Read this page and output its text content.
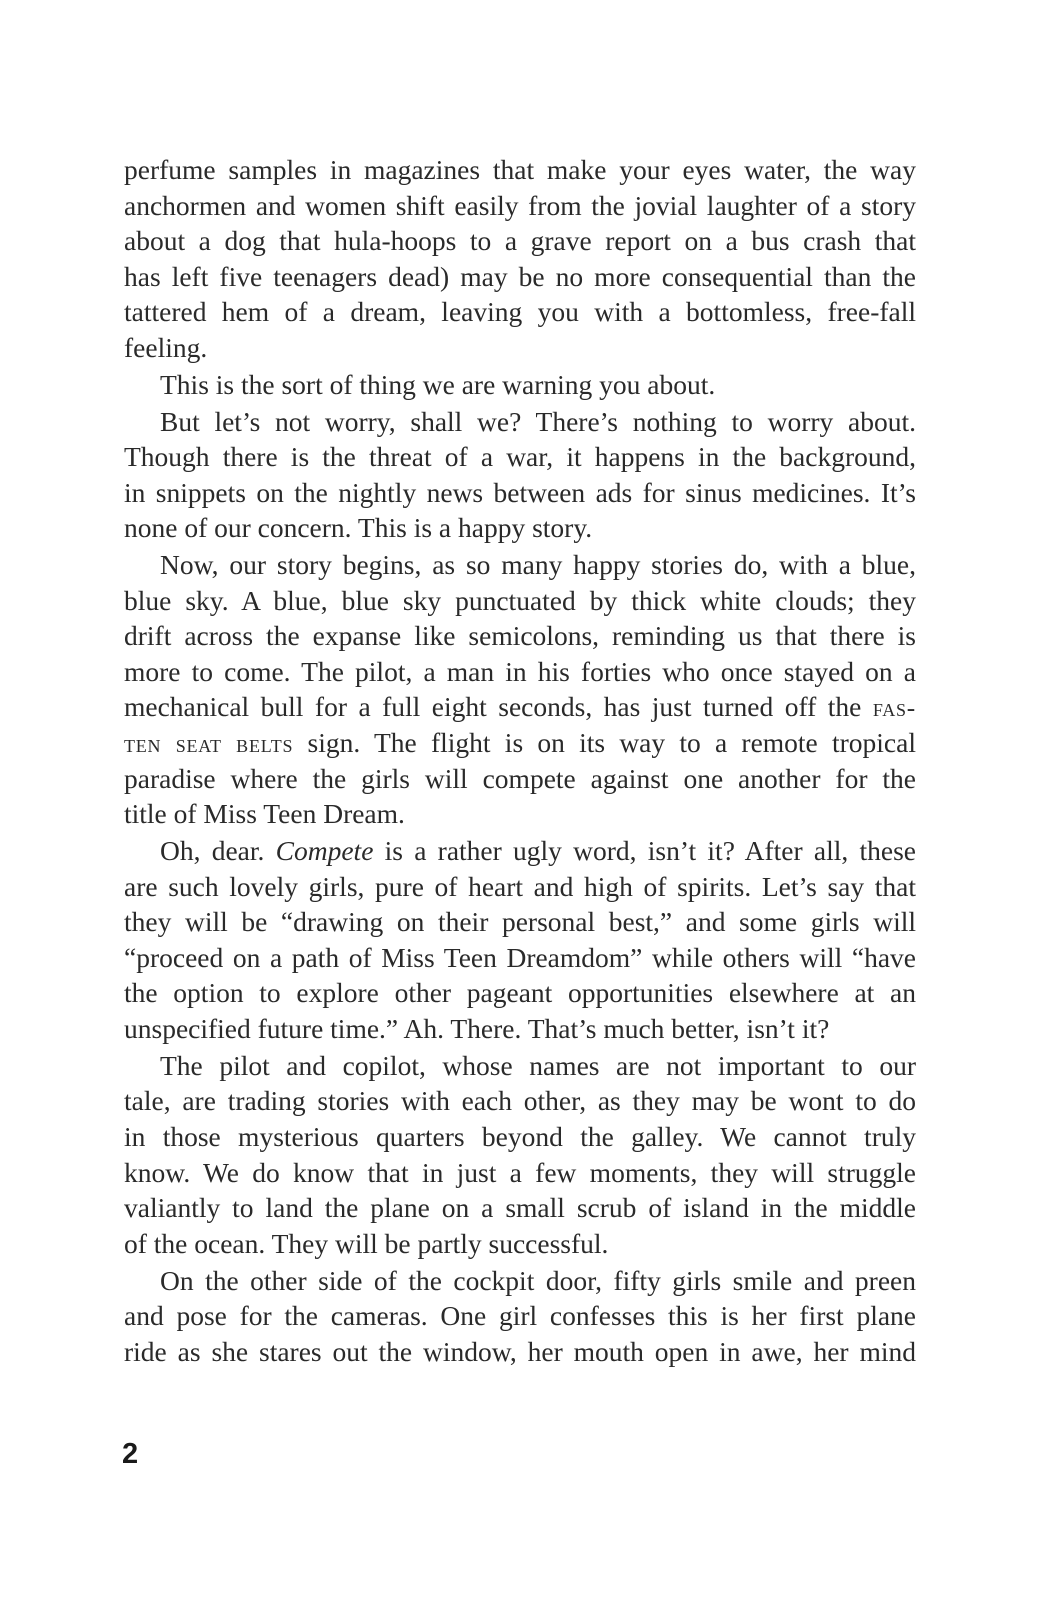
perfume samples in magazines that make your eyes water, the way
anchormen and women shift easily from the jovial laughter of a story
about a dog that hula-hoops to a grave report on a bus crash that
has left five teenagers dead) may be no more consequential than the
tattered hem of a dream, leaving you with a bottomless, free-fall
feeling.
This is the sort of thing we are warning you about.
But let’s not worry, shall we? There’s nothing to worry about.
Though there is the threat of a war, it happens in the background,
in snippets on the nightly news between ads for sinus medicines. It’s
none of our concern. This is a happy story.
Now, our story begins, as so many happy stories do, with a blue,
blue sky. A blue, blue sky punctuated by thick white clouds; they
drift across the expanse like semicolons, reminding us that there is
more to come. The pilot, a man in his forties who once stayed on a
mechanical bull for a full eight seconds, has just turned off the fas-
ten seat belts sign. The flight is on its way to a remote tropical
paradise where the girls will compete against one another for the
title of Miss Teen Dream.
Oh, dear. Compete is a rather ugly word, isn’t it? After all, these
are such lovely girls, pure of heart and high of spirits. Let’s say that
they will be “drawing on their personal best,” and some girls will
“proceed on a path of Miss Teen Dreamdom” while others will “have
the option to explore other pageant opportunities elsewhere at an
unspecified future time.” Ah. There. That’s much better, isn’t it?
The pilot and copilot, whose names are not important to our
tale, are trading stories with each other, as they may be wont to do
in those mysterious quarters beyond the galley. We cannot truly
know. We do know that in just a few moments, they will struggle
valiantly to land the plane on a small scrub of island in the middle
of the ocean. They will be partly successful.
On the other side of the cockpit door, fifty girls smile and preen
and pose for the cameras. One girl confesses this is her first plane
ride as she stares out the window, her mouth open in awe, her mind
2
